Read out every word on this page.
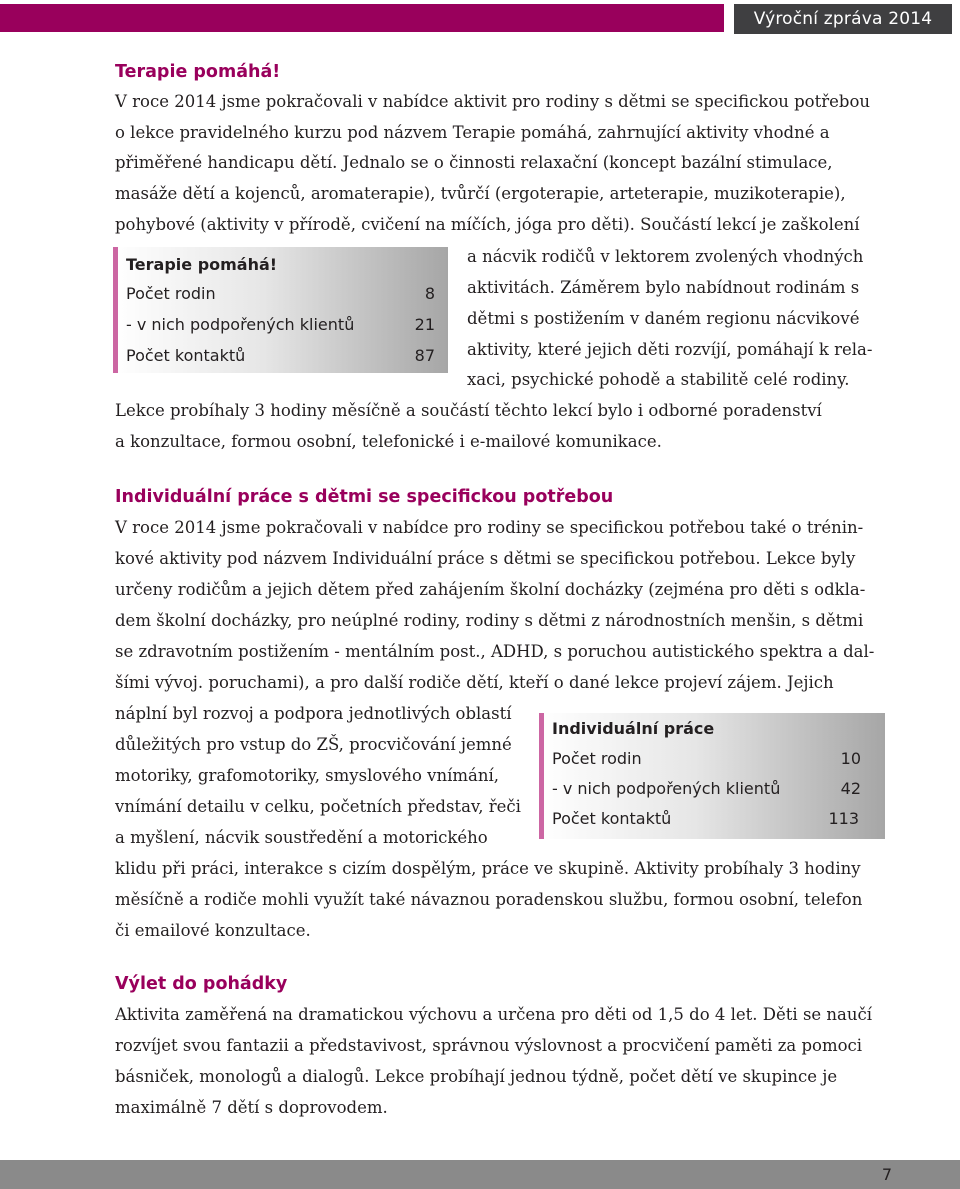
Výroční zpráva 2014
Terapie pomáhá!
V roce 2014 jsme pokračovali v nabídce aktivit pro rodiny s dětmi se specifickou potřebou
o lekce pravidelného kurzu pod názvem Terapie pomáhá, zahrnující aktivity vhodné a
přiměřené handicapu dětí. Jednalo se o činnosti relaxační (koncept bazální stimulace,
masáže dětí a kojenců, aromaterapie), tvůrčí (ergoterapie, arteterapie, muzikoterapie),
pohybové (aktivity v přírodě, cvičení na míčích, jóga pro děti). Součástí lekcí je zaškolení
a nácvik rodičů v lektorem zvolených vhodných
aktivitách. Záměrem bylo nabídnout rodinám s
dětmi s postižením v daném regionu nácvikové
aktivity, které jejich děti rozvíjí, pomáhají k rela-
xaci, psychické pohodě a stabilitě celé rodiny.
Lekce probíhaly 3 hodiny měsíčně a součástí těchto lekcí bylo i odborné poradenství
a konzultace, formou osobní, telefonické i e-mailové komunikace.
Terapie pomáhá!
Počet rodin	8
- v nich podpořených klientů	21
Počet kontaktů	87
Individuální práce s dětmi se specifickou potřebou
V roce 2014 jsme pokračovali v nabídce pro rodiny se specifickou potřebou také o trénin-
kové aktivity pod názvem Individuální práce s dětmi se specifickou potřebou. Lekce byly
určeny rodičům a jejich dětem před zahájením školní docházky (zejména pro děti s odkla-
dem školní docházky, pro neúplné rodiny, rodiny s dětmi z národnostních menšin, s dětmi
se zdravotním postižením - mentálním post., ADHD, s poruchou autistického spektra a dal-
šími vývoj. poruchami), a pro další rodiče dětí, kteří o dané lekce projeví zájem. Jejich
náplní byl rozvoj a podpora jednotlivých oblastí
důležitých pro vstup do ZŠ, procvičování jemné
motoriky, grafomotoriky, smyslového vnímání,
vnímání detailu v celku, početních představ, řeči
a myšlení, nácvik soustředění a motorického
klidu při práci, interakce s cizím dospělým, práce ve skupině. Aktivity probíhaly 3 hodiny
měsíčně a rodiče mohli využít také návaznou poradenskou službu, formou osobní, telefon
či emailové konzultace.
Individuální práce
Počet rodin	10
- v nich podpořených klientů	42
Počet kontaktů	113
Výlet do pohádky
Aktivita zaměřená na dramatickou výchovu a určena pro děti od 1,5 do 4 let. Děti se naučí
rozvíjet svou fantazii a představivost, správnou výslovnost a procvičení paměti za pomoci
básniček, monologů a dialogů. Lekce probíhají jednou týdně, počet dětí ve skupince je
maximálně 7 dětí s doprovodem.
7
